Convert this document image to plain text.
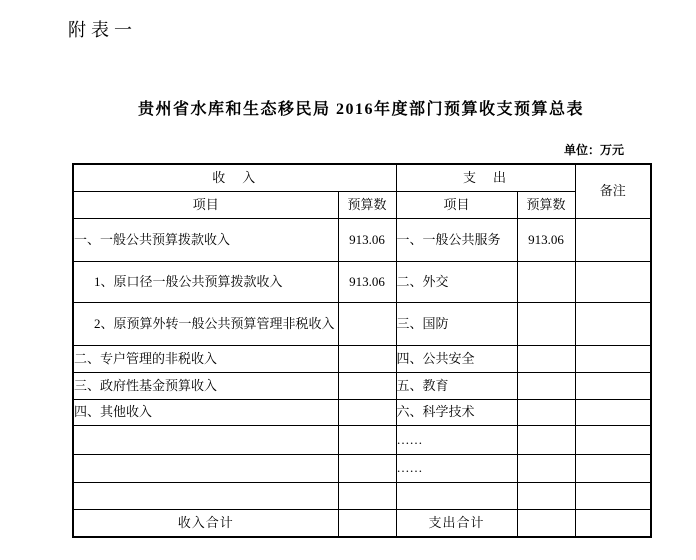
附表一
贵州省水库和生态移民局 2016年度部门预算收支预算总表
单位：万元
收　入		支　出		备注
项目	预算数	项目	预算数	
一、一般公共预算拨款收入	913.06	一、一般公共服务	913.06	
1、原口径一般公共预算拨款收入	913.06	二、外交		
2、原预算外转一般公共预算管理非税收入		三、国防		
二、专户管理的非税收入		四、公共安全		
三、政府性基金预算收入		五、教育		
四、其他收入		六、科学技术		
		……		
		……		

收入合计		支出合计		
